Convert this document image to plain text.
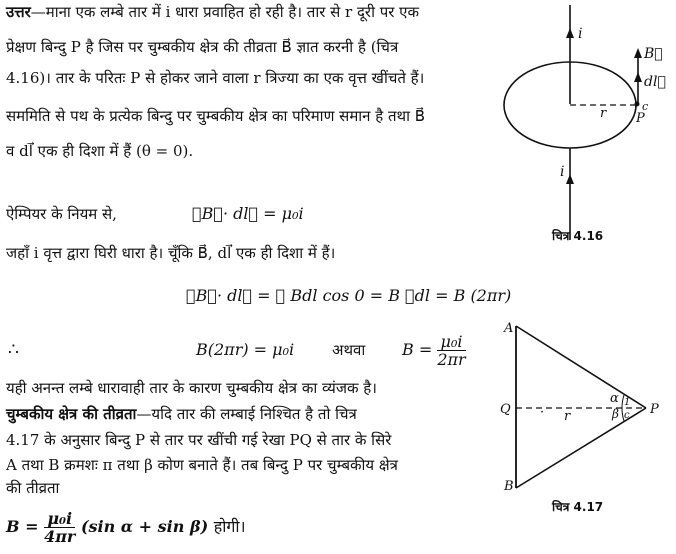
उत्तर—माना एक लम्बे तार में i धारा प्रवाहित हो रही है। तार से r दूरी पर एक
प्रेक्षण बिन्दु P है जिस पर चुम्बकीय क्षेत्र की तीव्रता B⃗ ज्ञात करनी है (चित्र
4.16)। तार के परितः P से होकर जाने वाला r त्रिज्या का एक वृत्त खींचते हैं।
सममिति से पथ के प्रत्येक बिन्दु पर चुम्बकीय क्षेत्र का परिमाण समान है तथा B⃗
व dl⃗ एक ही दिशा में हैं (θ = 0).
ऐम्पियर के नियम से,	∮B⃗· dl⃗ = μ₀i
जहाँ i वृत्त द्वारा घिरी धारा है। चूँकि B⃗, dl⃗ एक ही दिशा में हैं।
∮B⃗· dl⃗ = ∮ Bdl cos 0 = B ∮dl = B (2πr)
∴	B(2πr) = μ₀i	अथवा $B = \frac{\text{μ₀i}}{2\pi r}$
यही अनन्त लम्बे धारावाही तार के कारण चुम्बकीय क्षेत्र का व्यंजक है।
चुम्बकीय क्षेत्र की तीव्रता—यदि तार की लम्बाई निश्चित है तो चित्र
4.17 के अनुसार बिन्दु P से तार पर खींची गई रेखा PQ से तार के सिरे
A तथा B क्रमशः π तथा β कोण बनाते हैं। तब बिन्दु P पर चुम्बकीय क्षेत्र
की तीव्रता
$B = \frac{\text{μ₀i}}{4\pi r} (\sin$ α + sin β) होगी।
i
i
B⃗
dl⃗
c
r P
चित्र 4.16
A
B
Q	P
r
·
α
β
1
c
चित्र 4.17
